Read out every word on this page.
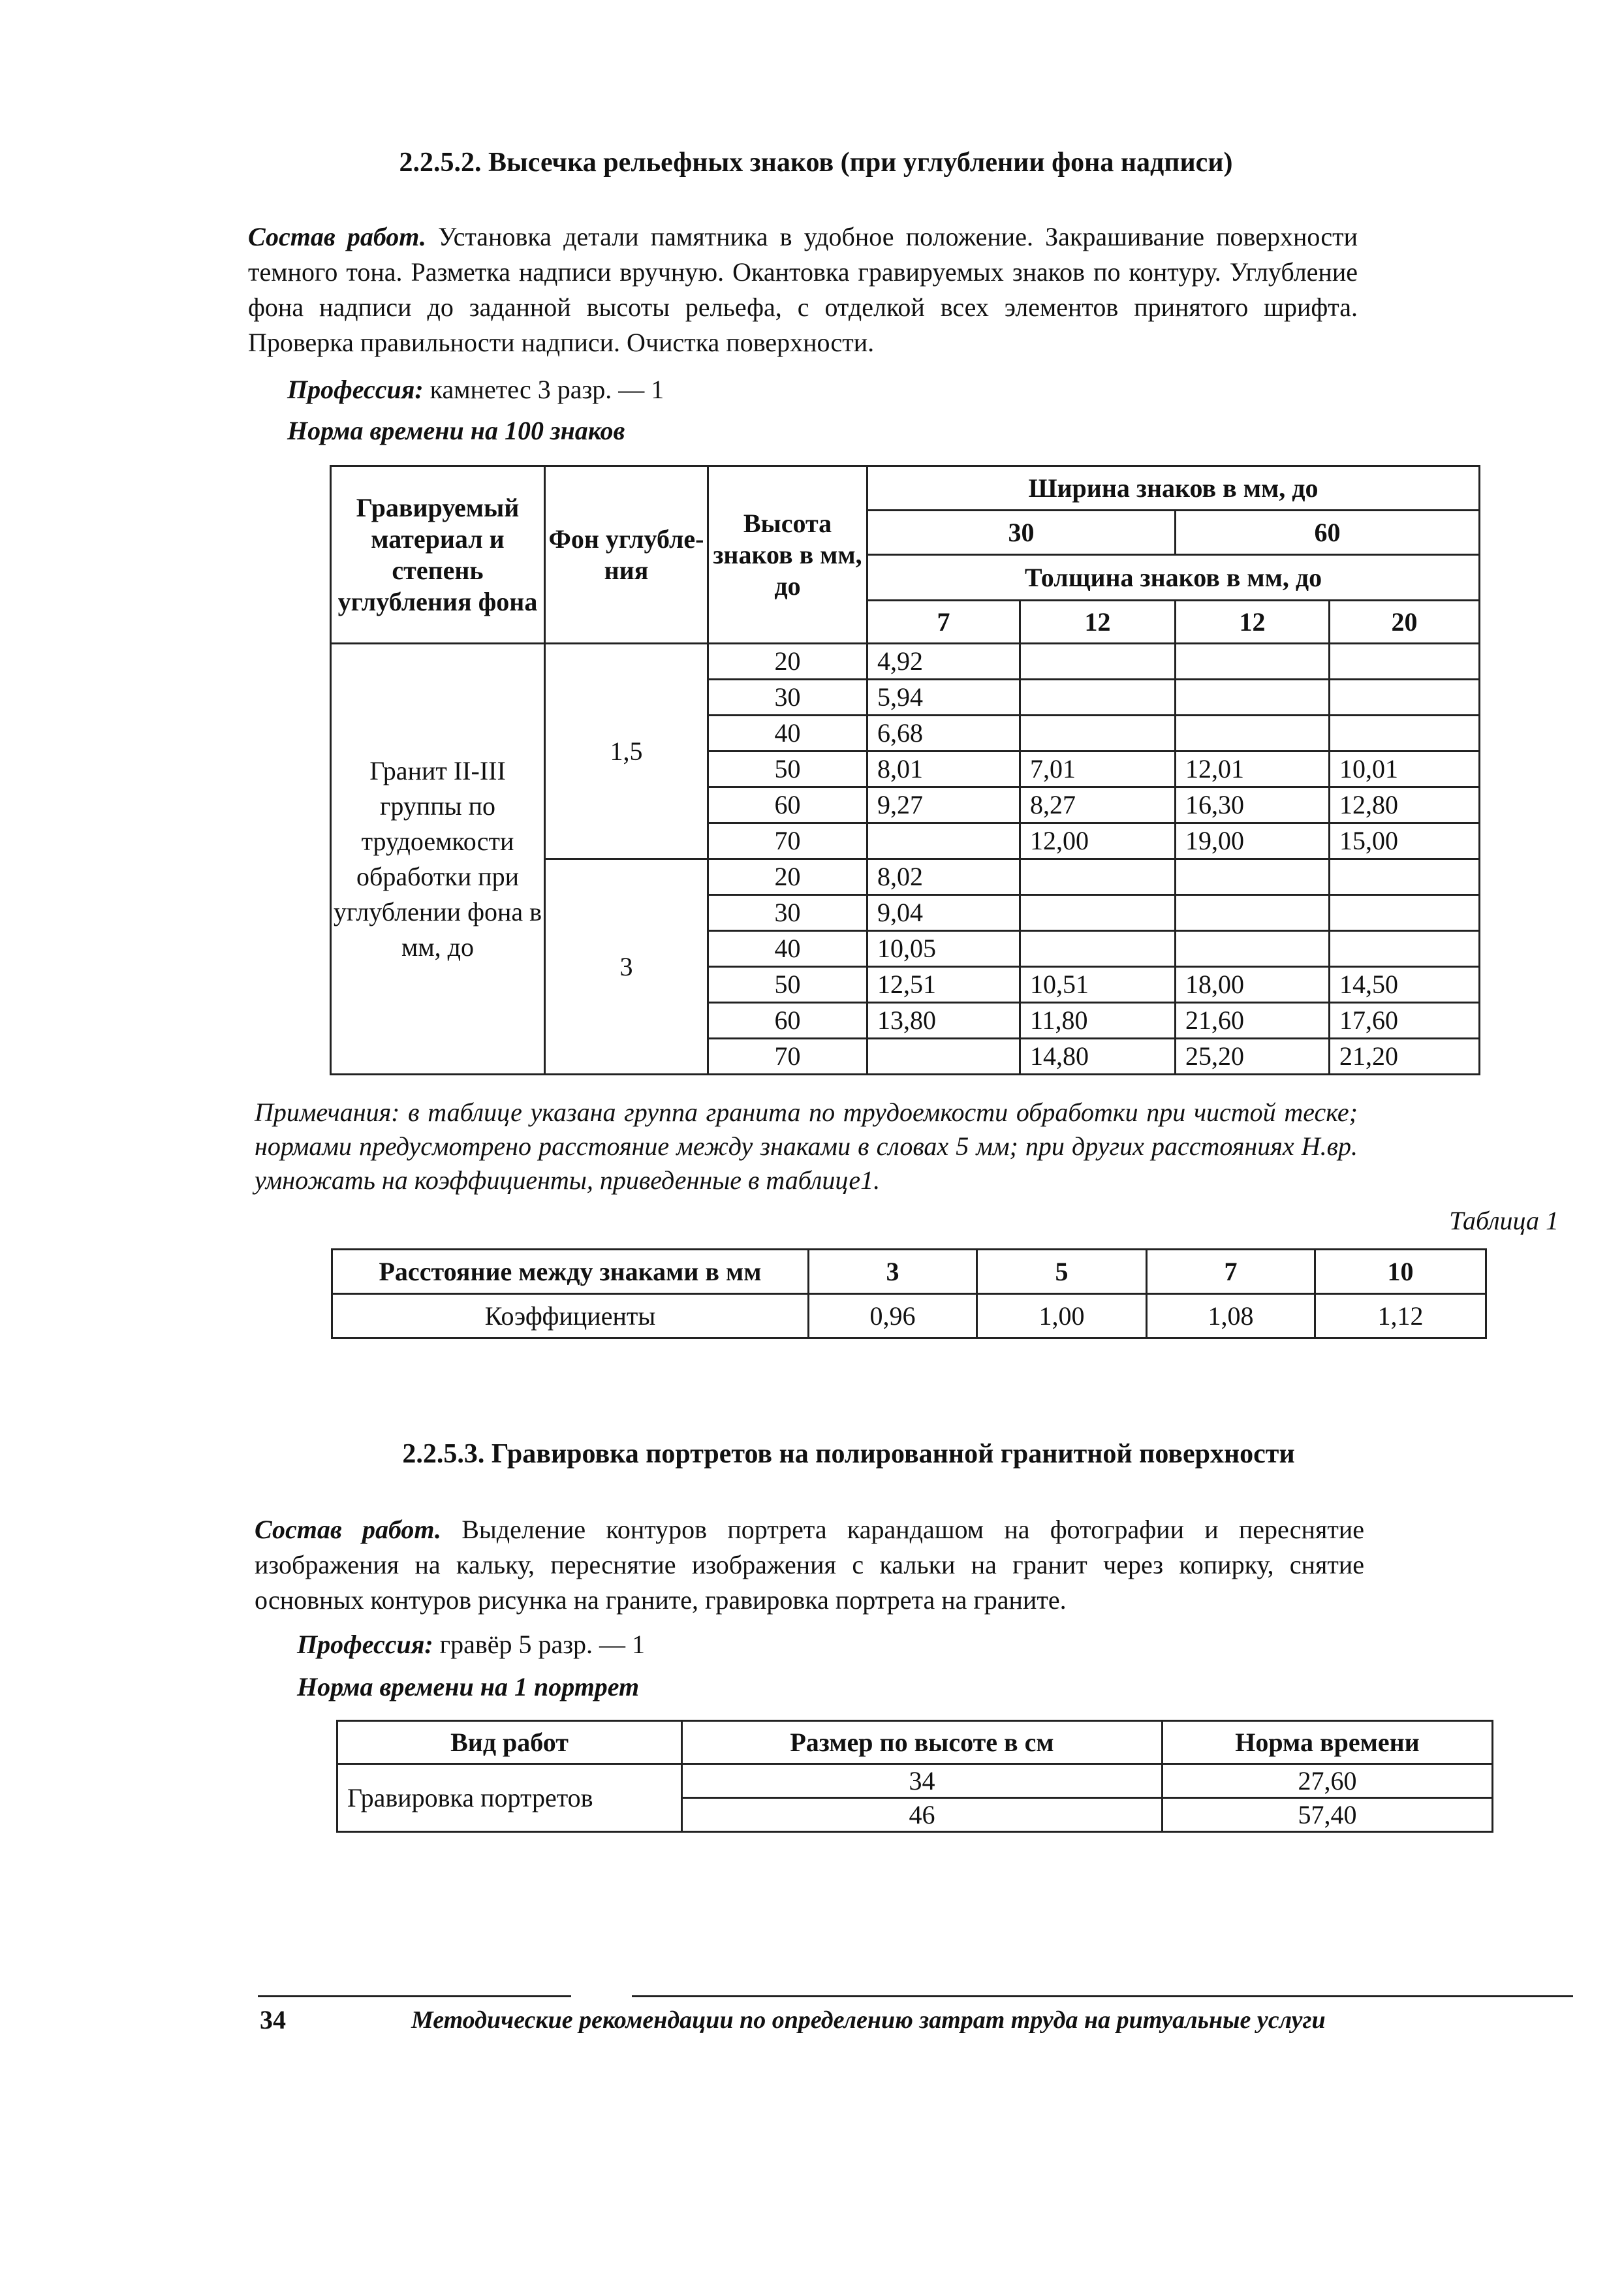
2.2.5.2. Высечка рельефных знаков (при углублении фона надписи)
Состав работ. Установка детали памятника в удобное положение. Закрашивание поверхности темного тона. Разметка надписи вручную. Окантовка гравируемых знаков по контуру. Углубление фона надписи до заданной высоты рельефа, с отделкой всех элементов принятого шрифта. Проверка правильности надписи. Очистка поверхности.
Профессия: камнетес 3 разр. — 1
Норма времени на 100 знаков
Гравируемый материал и степень углубления фона	Фон углубле-ния	Высота знаков в мм, до	Ширина знаков в мм, до			
			30		60	
			Толщина знаков в мм, до			
			7	12	12	20
Гранит II-III группы по трудоемкости обработки при углублении фона в мм, до	1,5	20	4,92			
		30	5,94			
		40	6,68			
		50	8,01	7,01	12,01	10,01
		60	9,27	8,27	16,30	12,80
		70		12,00	19,00	15,00
	3	20	8,02			
		30	9,04			
		40	10,05			
		50	12,51	10,51	18,00	14,50
		60	13,80	11,80	21,60	17,60
		70		14,80	25,20	21,20
Примечания: в таблице указана группа гранита по трудоемкости обработки при чистой теске; нормами предусмотрено расстояние между знаками в словах 5 мм; при других расстояниях Н.вр. умножать на коэффициенты, приведенные в таблице1.
Таблица 1
Расстояние между знаками в мм	3	5	7	10
Коэффициенты	0,96	1,00	1,08	1,12
2.2.5.3. Гравировка портретов на полированной гранитной поверхности
Состав работ. Выделение контуров портрета карандашом на фотографии и переснятие изображения на кальку, переснятие изображения с кальки на гранит через копирку, снятие основных контуров рисунка на граните, гравировка портрета на граните.
Профессия: гравёр 5 разр. — 1
Норма времени на 1 портрет
Вид работ	Размер по высоте в см	Норма времени
Гравировка портретов	34	27,60
	46	57,40
34	Методические рекомендации по определению затрат труда на ритуальные услуги
